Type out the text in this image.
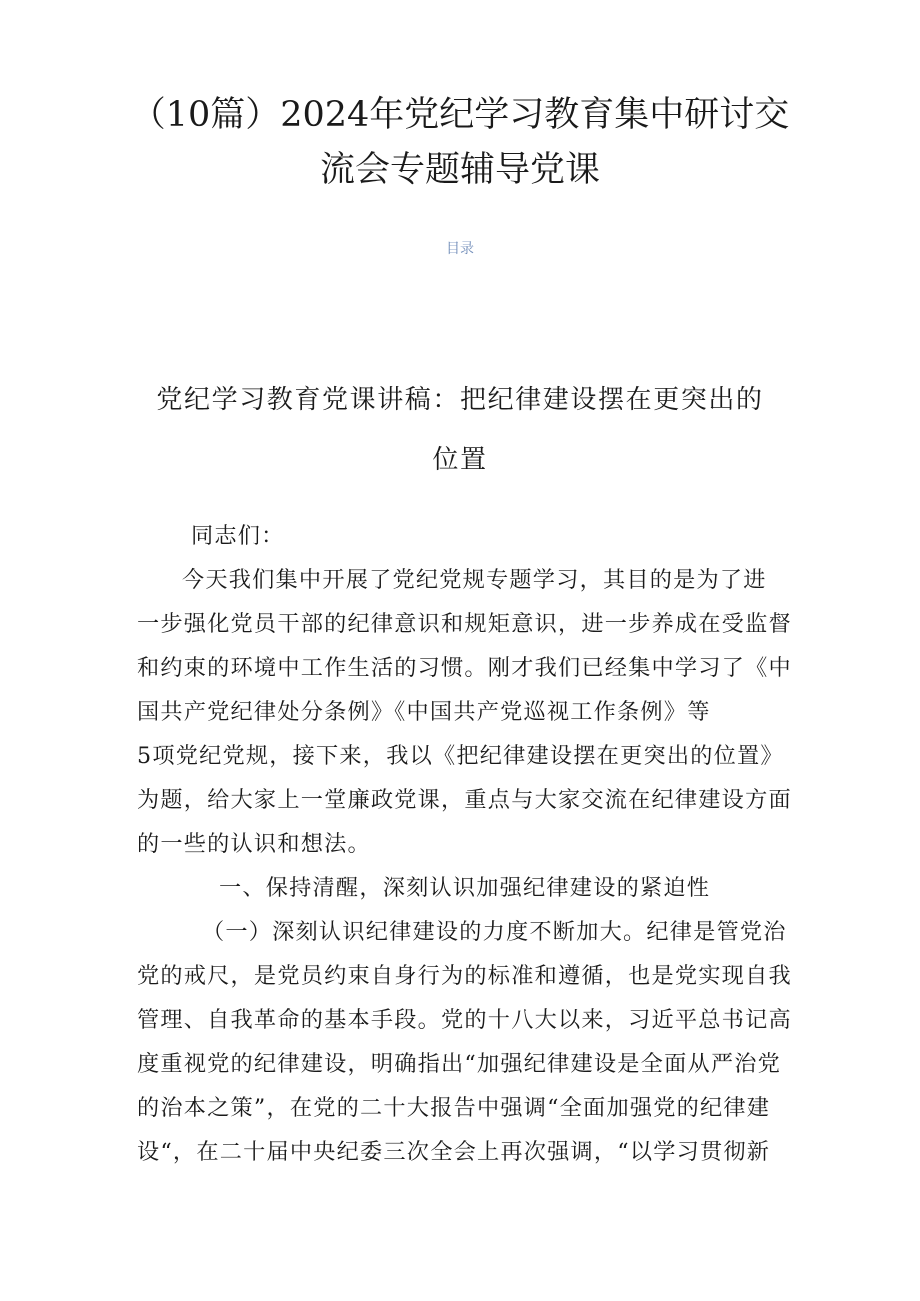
（10篇）2024年党纪学习教育集中研讨交
流会专题辅导党课
目录
党纪学习教育党课讲稿：把纪律建设摆在更突出的
位置

同志们：

今天我们集中开展了党纪党规专题学习，其目的是为了进
一步强化党员干部的纪律意识和规矩意识，进一步养成在受监督
和约束的环境中工作生活的习惯。刚才我们已经集中学习了《中
国共产党纪律处分条例》《中国共产党巡视工作条例》等
5项党纪党规，接下来，我以《把纪律建设摆在更突出的位置》
为题，给大家上一堂廉政党课，重点与大家交流在纪律建设方面
的一些的认识和想法。

一、保持清醒，深刻认识加强纪律建设的紧迫性

（一）深刻认识纪律建设的力度不断加大。纪律是管党治
党的戒尺，是党员约束自身行为的标准和遵循，也是党实现自我
管理、自我革命的基本手段。党的十八大以来，习近平总书记高
度重视党的纪律建设，明确指出“加强纪律建设是全面从严治党
的治本之策”，在党的二十大报告中强调“全面加强党的纪律建
设“，在二十届中央纪委三次全会上再次强调，“以学习贯彻新
